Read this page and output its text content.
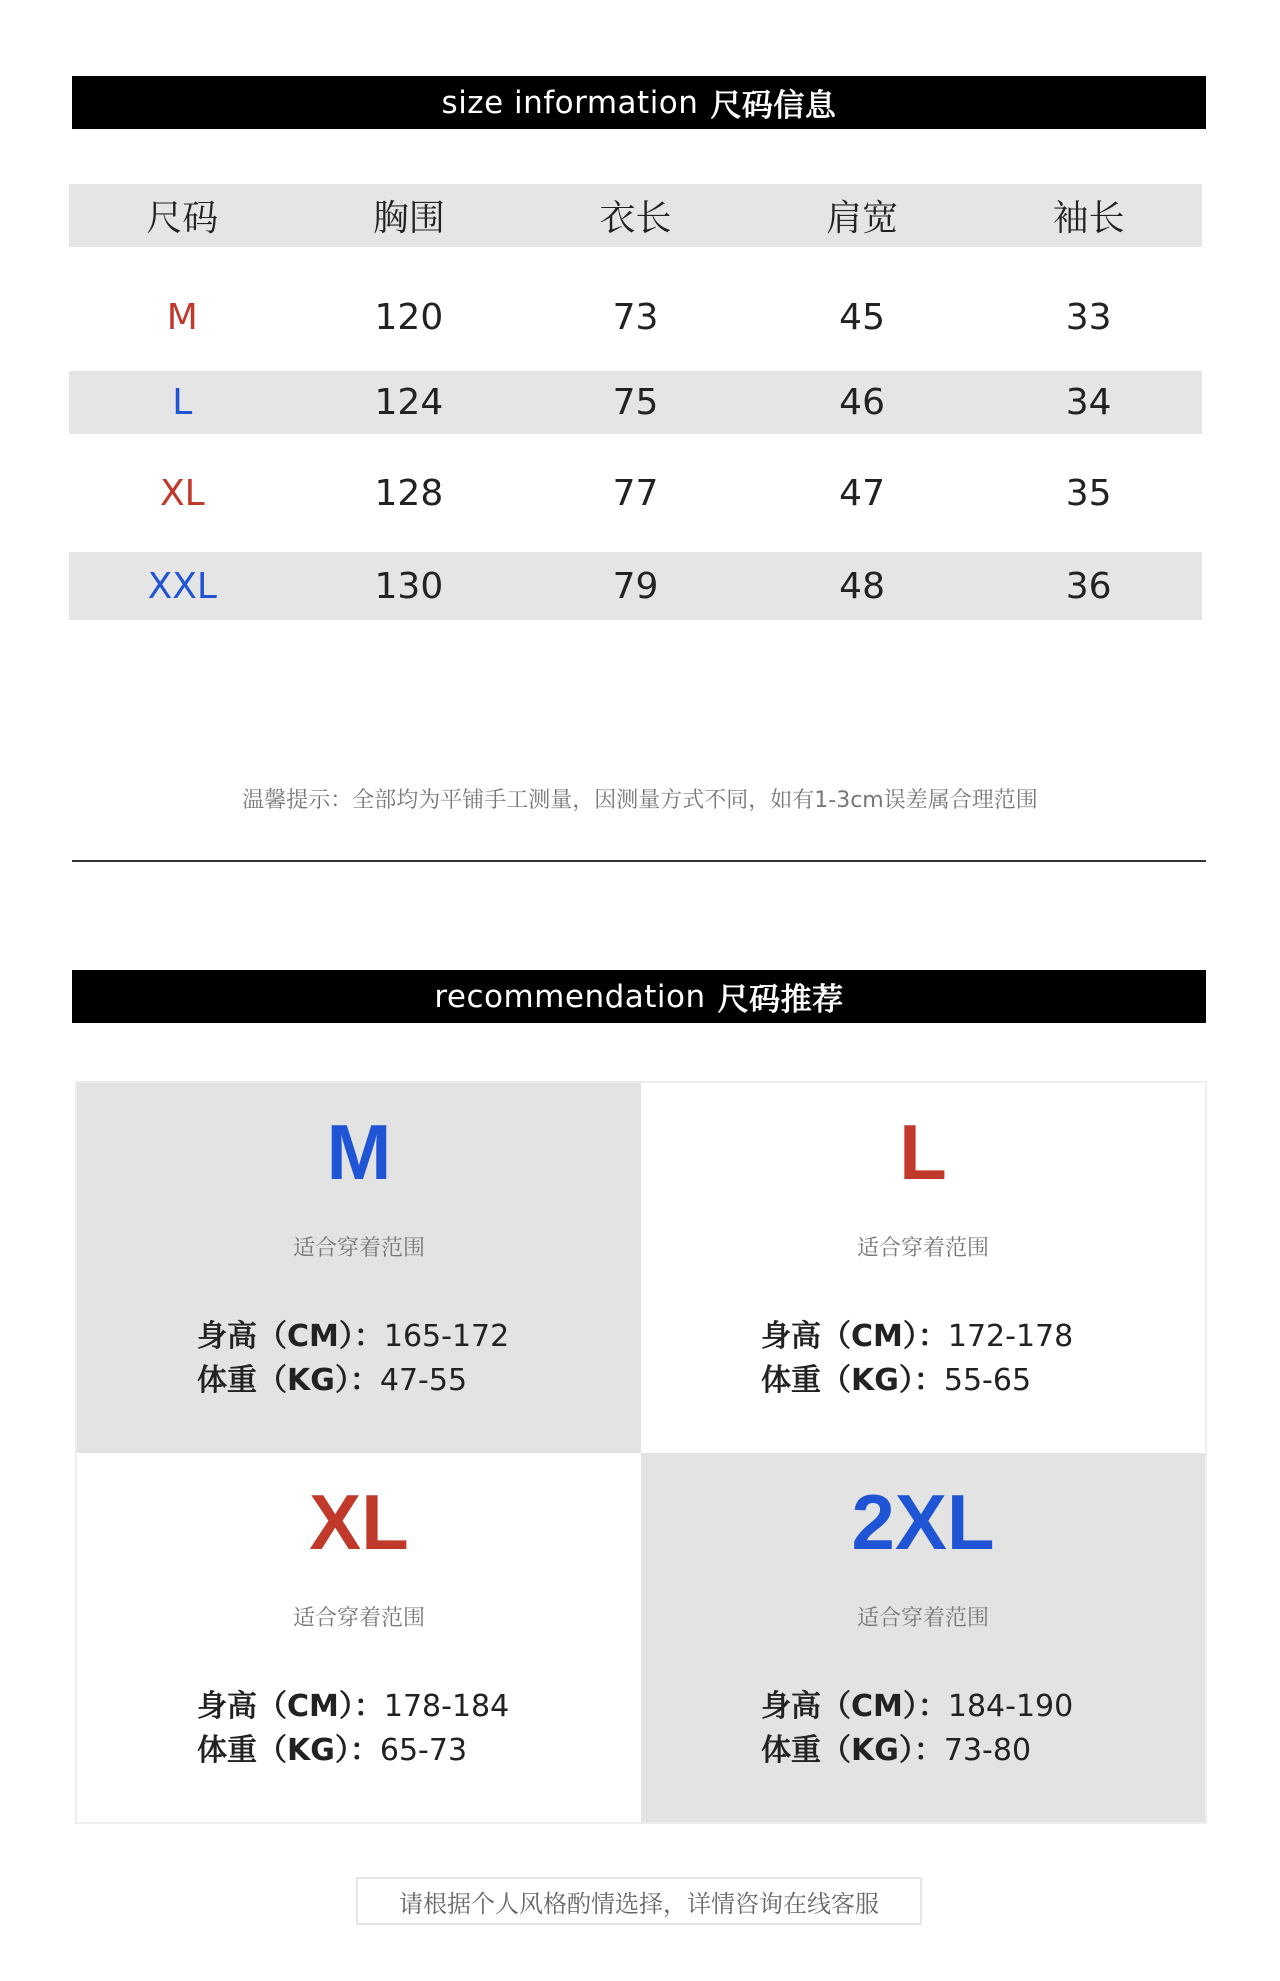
size information 尺码信息
尺码	胸围	衣长	肩宽	袖长
M	120	73	45	33
L	124	75	46	34
XL	128	77	47	35
XXL	130	79	48	36
温馨提示：全部均为平铺手工测量，因测量方式不同，如有1-3cm误差属合理范围
recommendation 尺码推荐
M
适合穿着范围
身高（CM）：165-172
体重（KG）：47-55
L
适合穿着范围
身高（CM）：172-178
体重（KG）：55-65
XL
适合穿着范围
身高（CM）：178-184
体重（KG）：65-73
2XL
适合穿着范围
身高（CM）：184-190
体重（KG）：73-80
请根据个人风格酌情选择，详情咨询在线客服
